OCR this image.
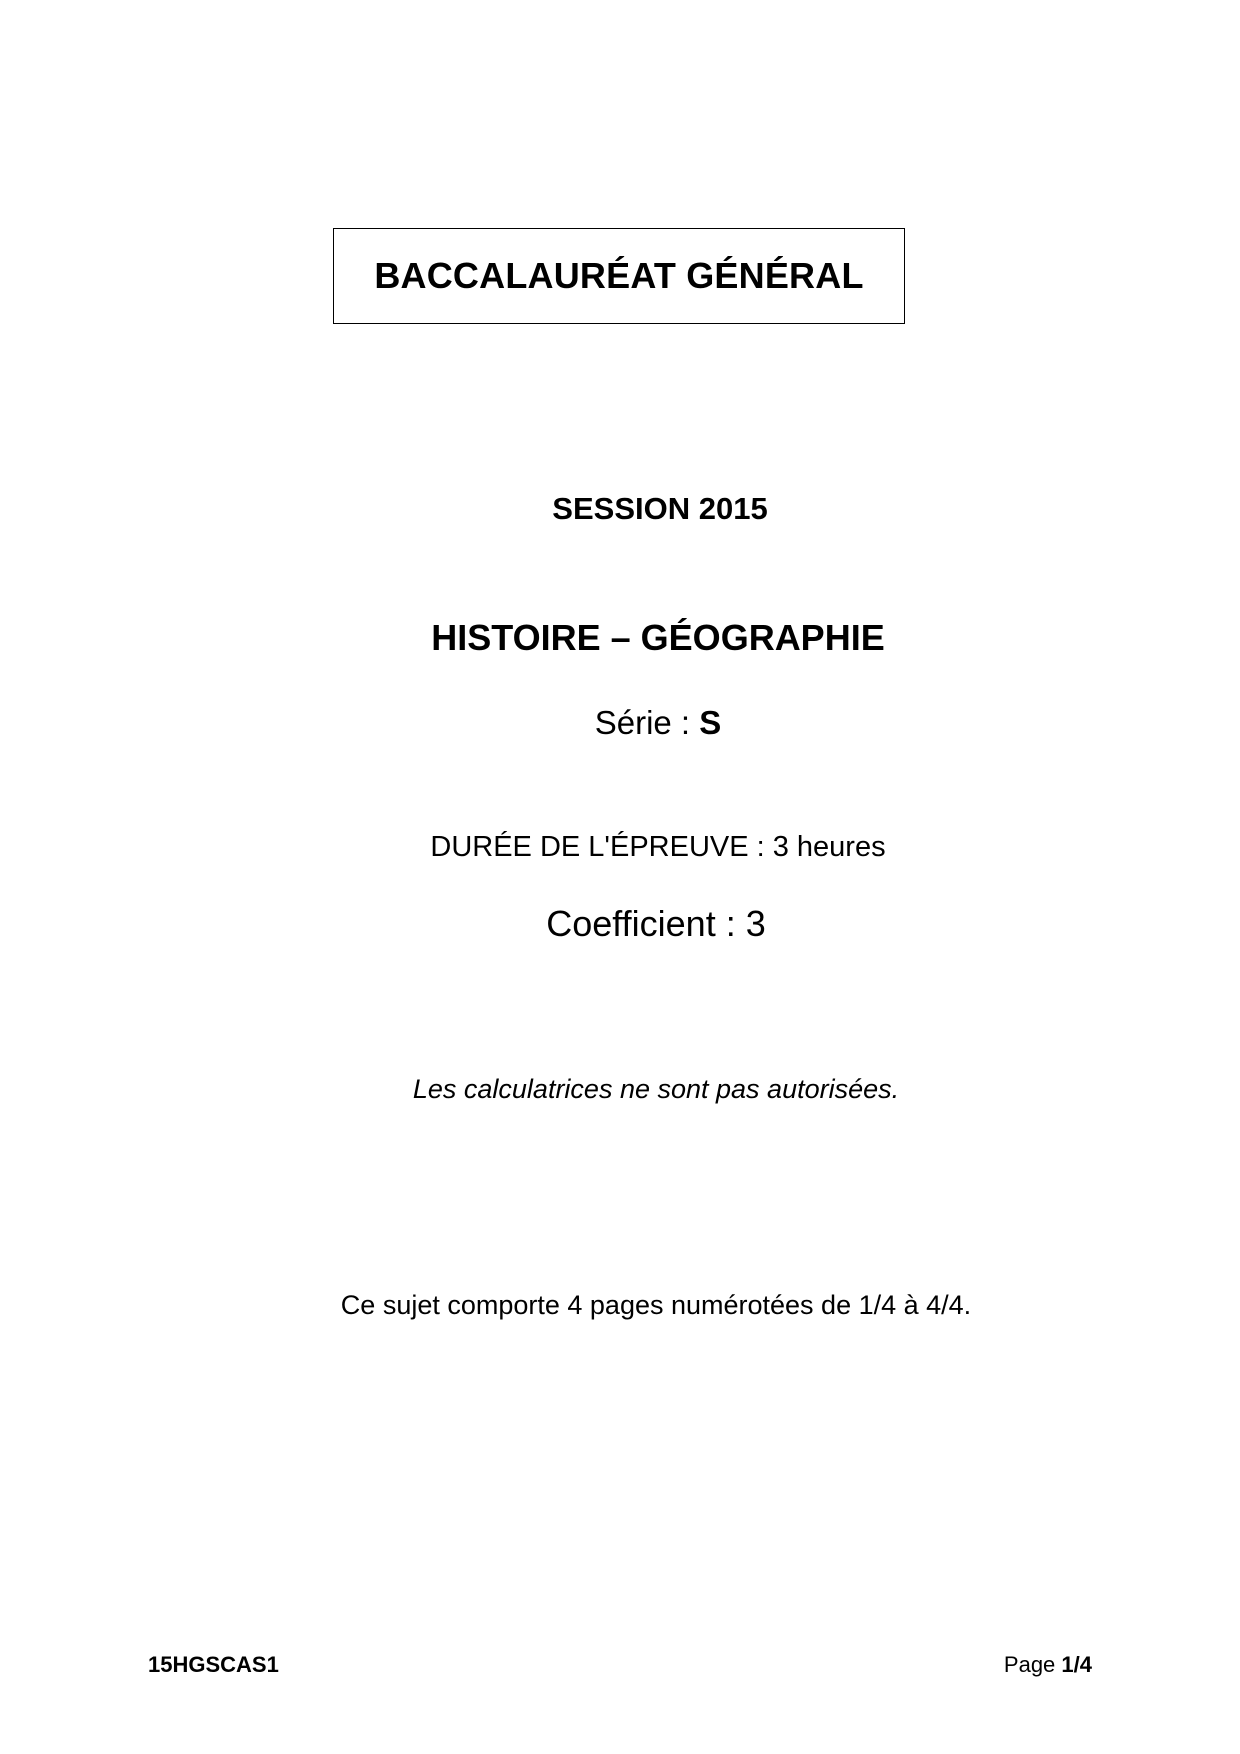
BACCALAURÉAT GÉNÉRAL
SESSION 2015
HISTOIRE – GÉOGRAPHIE
Série : S
DURÉE DE L'ÉPREUVE : 3 heures
Coefficient : 3
Les calculatrices ne sont pas autorisées.
Ce sujet comporte 4 pages numérotées de 1/4 à 4/4.
15HGSCAS1	Page 1/4
